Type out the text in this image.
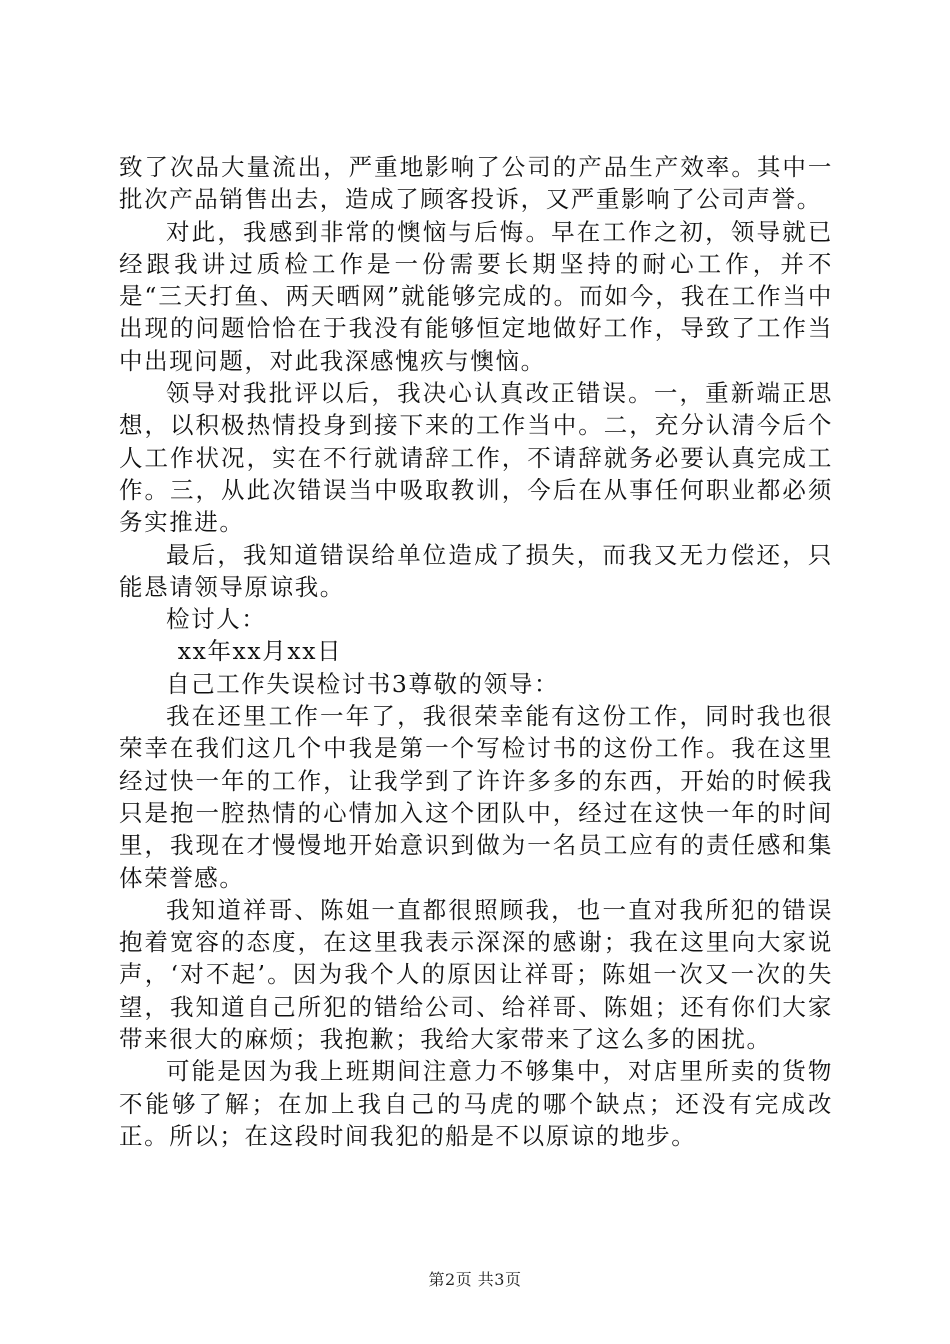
致了次品大量流出，严重地影响了公司的产品生产效率。其中一批次产品销售出去，造成了顾客投诉，又严重影响了公司声誉。

对此，我感到非常的懊恼与后悔。早在工作之初，领导就已经跟我讲过质检工作是一份需要长期坚持的耐心工作，并不是“三天打鱼、两天晒网”就能够完成的。而如今，我在工作当中出现的问题恰恰在于我没有能够恒定地做好工作，导致了工作当中出现问题，对此我深感愧疚与懊恼。

领导对我批评以后，我决心认真改正错误。一，重新端正思想，以积极热情投身到接下来的工作当中。二，充分认清今后个人工作状况，实在不行就请辞工作，不请辞就务必要认真完成工作。三，从此次错误当中吸取教训，今后在从事任何职业都必须务实推进。

最后，我知道错误给单位造成了损失，而我又无力偿还，只能恳请领导原谅我。

检讨人：

xx年xx月xx日

自己工作失误检讨书3尊敬的领导：

我在还里工作一年了，我很荣幸能有这份工作，同时我也很荣幸在我们这几个中我是第一个写检讨书的这份工作。我在这里经过快一年的工作，让我学到了许许多多的东西，开始的时候我只是抱一腔热情的心情加入这个团队中，经过在这快一年的时间里，我现在才慢慢地开始意识到做为一名员工应有的责任感和集体荣誉感。

我知道祥哥、陈姐一直都很照顾我，也一直对我所犯的错误抱着宽容的态度，在这里我表示深深的感谢；我在这里向大家说声，‘对不起’。因为我个人的原因让祥哥；陈姐一次又一次的失望，我知道自己所犯的错给公司、给祥哥、陈姐；还有你们大家带来很大的麻烦；我抱歉；我给大家带来了这么多的困扰。

可能是因为我上班期间注意力不够集中，对店里所卖的货物不能够了解；在加上我自己的马虎的哪个缺点；还没有完成改正。所以；在这段时间我犯的船是不以原谅的地步。

第2页 共3页
